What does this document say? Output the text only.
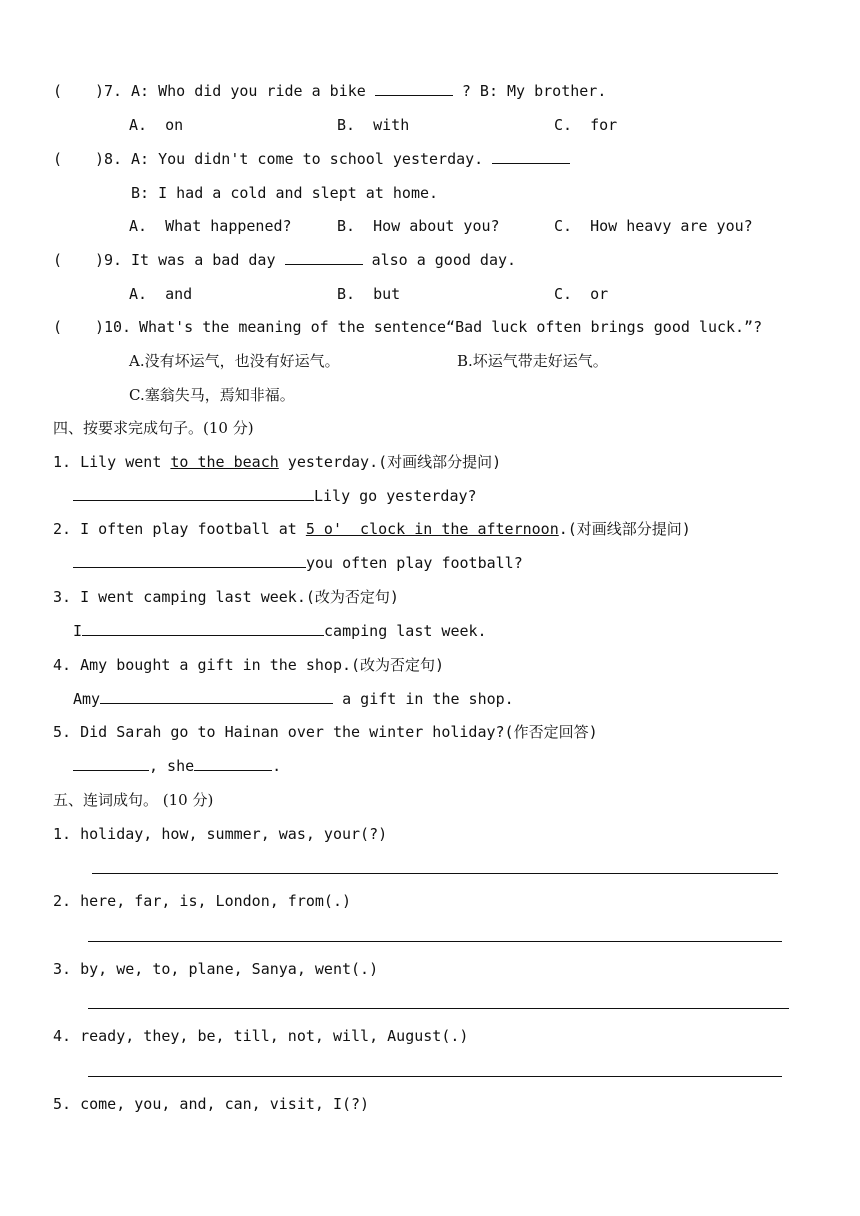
( ) 7. A: Who did you ride a bike	? B: My brother.
A.  on	B.  with	C.  for
( ) 8. A: You didn't come to school yesterday.
B: I had a cold and slept at home.
A.  What happened?	B.  How about you?	C.  How heavy are you?
( ) 9. It was a bad day	also a good day.
A.  and	B.  but	C.  or
( ) 10. What's the meaning of the sentence“Bad luck often brings good luck.”?
A.没有坏运气，也没有好运气。	B.坏运气带走好运气。
C.塞翁失马，焉知非福。
四、按要求完成句子。(10 分)
1. Lily went to the beach yesterday.(对画线部分提问)
Lily go yesterday?
2. I often play football at 5 o'  clock in the afternoon.(对画线部分提问)
you often play football?
3. I went camping last week.(改为否定句)
I	camping last week.
4. Amy bought a gift in the shop.(改为否定句)
Amy	a gift in the shop.
5. Did Sarah go to Hainan over the winter holiday?(作否定回答)
, she	.
五、连词成句。 (10 分)
1. holiday, how, summer, was, your(?)
2. here, far, is, London, from(.)
3. by, we, to, plane, Sanya, went(.)
4. ready, they, be, till, not, will, August(.)
5. come, you, and, can, visit, I(?)
